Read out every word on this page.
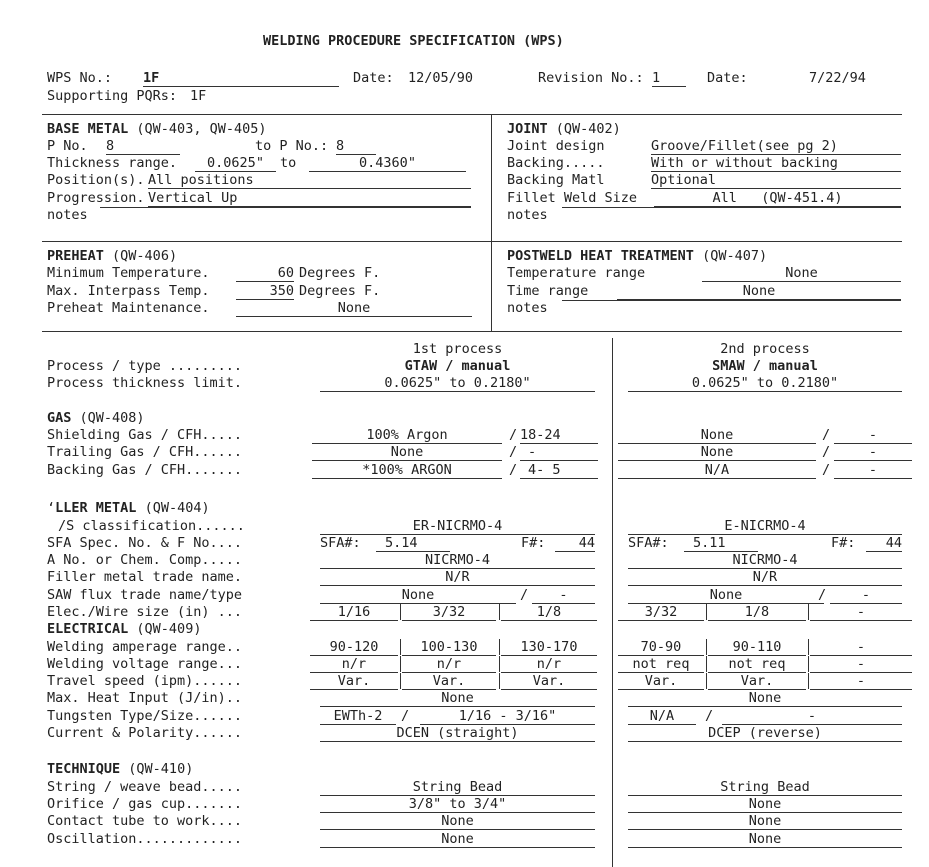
WELDING PROCEDURE SPECIFICATION (WPS)
WPS No.: 1F	Date: 12/05/90	Revision No.: 1	Date:	7/22/94
Supporting PQRs: 1F
BASE METAL (QW-403, QW-405)
P No. 8	to P No.: 8
Thickness range.	0.0625"	to	0.4360"
Position(s). All positions
Progression. Vertical Up
notes
JOINT (QW-402)
Joint design	Groove/Fillet(see pg 2)
Backing.....	With or without backing
Backing Matl	Optional
Fillet Weld Size	All   (QW-451.4)
notes
PREHEAT (QW-406)
Minimum Temperature.	60 Degrees F.
Max. Interpass Temp.	350 Degrees F.
Preheat Maintenance.	None
POSTWELD HEAT TREATMENT (QW-407)
Temperature range	None
Time range	None
notes
1st process	2nd process
Process / type .........	GTAW / manual	SMAW / manual
Process thickness limit.	0.0625" to 0.2180"	0.0625" to 0.2180"
GAS (QW-408)
Shielding Gas / CFH.....	100% Argon	/ 18-24	None	/	-
Trailing Gas / CFH......	None	/ -	None	/	-
Backing Gas / CFH.......	*100% ARGON	/ 4- 5	N/A	/	-
‘LLER METAL (QW-404)
/S classification......	ER-NICRMO-4	E-NICRMO-4
SFA Spec. No. & F No....	SFA#:	5.14	F#:	44 SFA#:	5.11	F#:	44
A No. or Chem. Comp.....	NICRMO-4	NICRMO-4
Filler metal trade name.	N/R	N/R
SAW flux trade name/type	None	/	-	None	/	-
Elec./Wire size (in) ...	1/16	3/32	1/8	3/32	1/8	-
ELECTRICAL (QW-409)
Welding amperage range..	90-120	100-130	130-170	70-90	90-110	-
Welding voltage range...	n/r	n/r	n/r	not req	not req	-
Travel speed (ipm)......	Var.	Var.	Var.	Var.	Var.	-
Max. Heat Input (J/in)..	None	None
Tungsten Type/Size......	EWTh-2	/	1/16 - 3/16"	N/A	/	-
Current & Polarity......	DCEN (straight)	DCEP (reverse)
TECHNIQUE (QW-410)
String / weave bead.....	String Bead	String Bead
Orifice / gas cup.......	3/8" to 3/4"	None
Contact tube to work....	None	None
Oscillation.............	None	None
